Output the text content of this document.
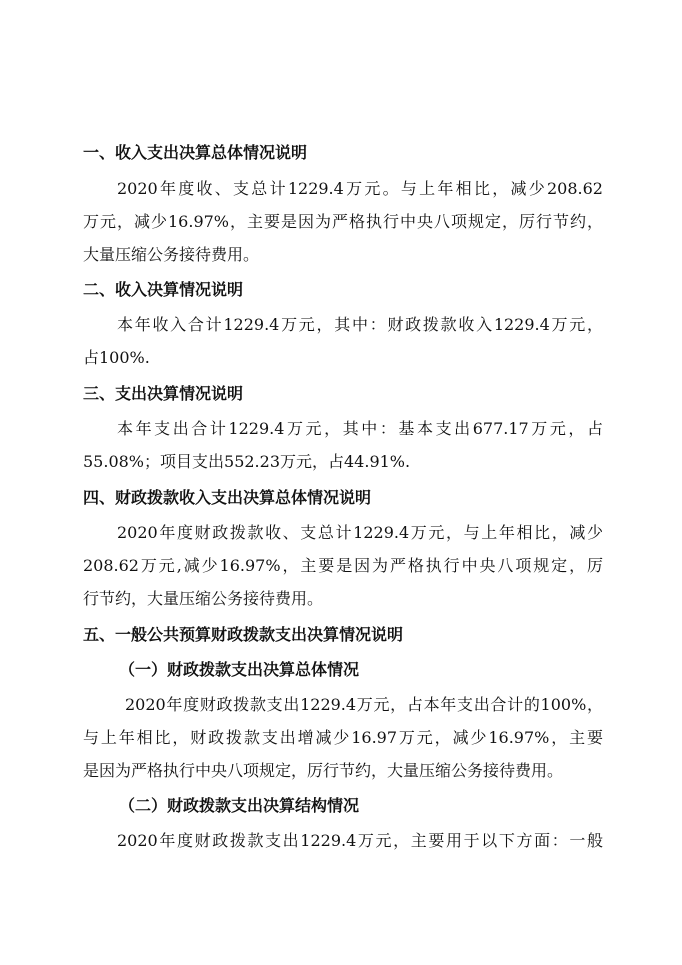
一、收入支出决算总体情况说明
2020年度收、支总计1229.4万元。与上年相比，减少208.62
万元，减少16.97%，主要是因为严格执行中央八项规定，厉行节约，
大量压缩公务接待费用。
二、收入决算情况说明
本年收入合计1229.4万元，其中：财政拨款收入1229.4万元，
占100%.
三、支出决算情况说明
本年支出合计1229.4万元，其中：基本支出677.17万元，占
55.08%；项目支出552.23万元，占44.91%.
四、财政拨款收入支出决算总体情况说明
2020年度财政拨款收、支总计1229.4万元，与上年相比，减少
208.62万元,减少16.97%，主要是因为严格执行中央八项规定，厉
行节约，大量压缩公务接待费用。
五、一般公共预算财政拨款支出决算情况说明
（一）财政拨款支出决算总体情况
2020年度财政拨款支出1229.4万元，占本年支出合计的100%，
与上年相比，财政拨款支出增减少16.97万元，减少16.97%，主要
是因为严格执行中央八项规定，厉行节约，大量压缩公务接待费用。
（二）财政拨款支出决算结构情况
2020年度财政拨款支出1229.4万元，主要用于以下方面：一般
